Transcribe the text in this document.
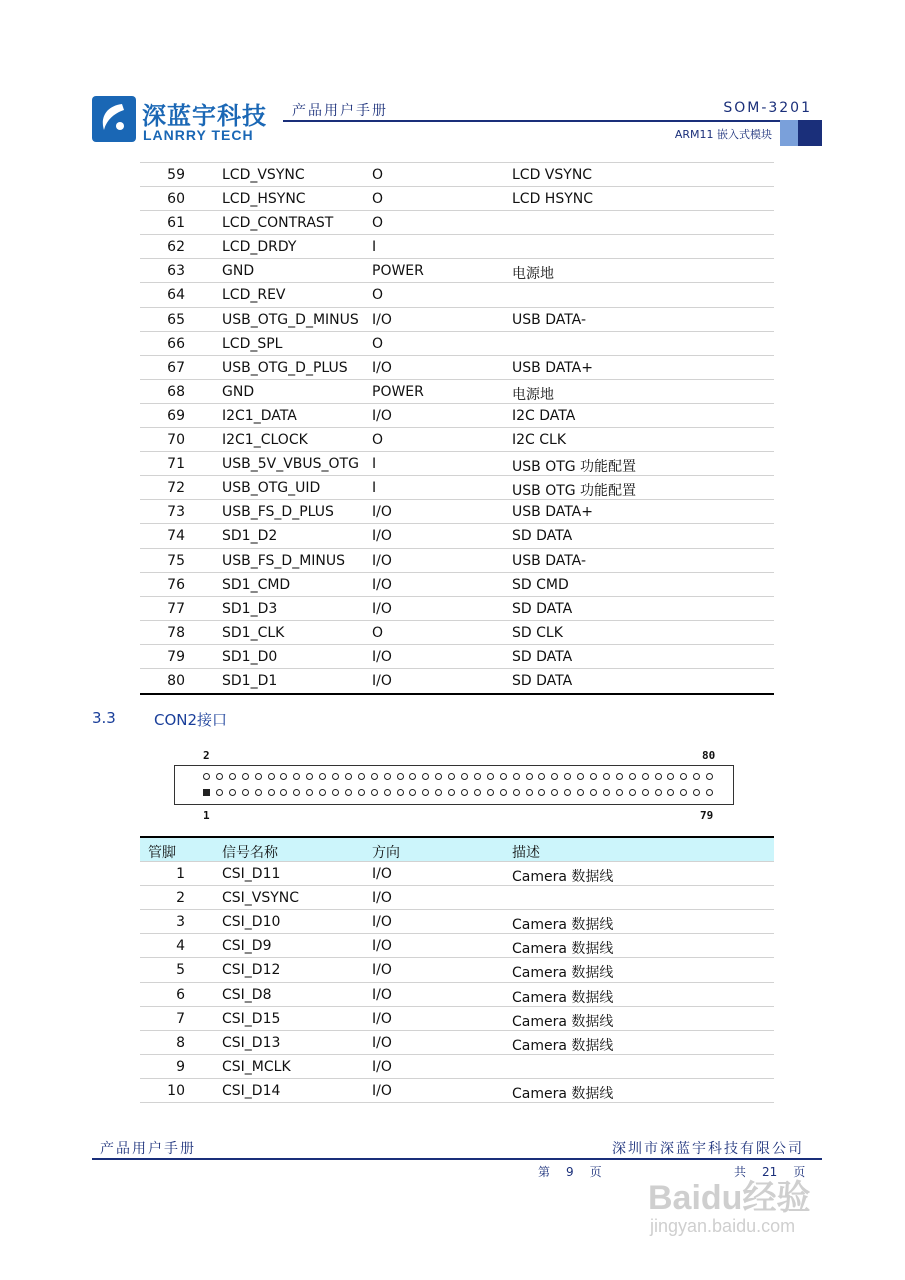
深蓝宇科技
LANRRY TECH
产品用户手册	SOM-3201
ARM11 嵌入式模块
59	LCD_VSYNC	O	LCD VSYNC
60	LCD_HSYNC	O	LCD HSYNC
61	LCD_CONTRAST	O
62	LCD_DRDY	I
63	GND	POWER	电源地
64	LCD_REV	O
65	USB_OTG_D_MINUS I/O	USB DATA-
66	LCD_SPL	O
67	USB_OTG_D_PLUS I/O	USB DATA+
68	GND	POWER	电源地
69	I2C1_DATA	I/O	I2C DATA
70	I2C1_CLOCK	O	I2C CLK
71	USB_5V_VBUS_OTG I	USB OTG 功能配置
72	USB_OTG_UID	I	USB OTG 功能配置
73	USB_FS_D_PLUS	I/O	USB DATA+
74	SD1_D2	I/O	SD DATA
75	USB_FS_D_MINUS I/O	USB DATA-
76	SD1_CMD	I/O	SD CMD
77	SD1_D3	I/O	SD DATA
78	SD1_CLK	O	SD CLK
79	SD1_D0	I/O	SD DATA
80	SD1_D1	I/O	SD DATA
3.3	CON2接口
2	80
1	79
管脚	信号名称	方向	描述
1	CSI_D11	I/O	Camera 数据线
2	CSI_VSYNC	I/O
3	CSI_D10	I/O	Camera 数据线
4	CSI_D9	I/O	Camera 数据线
5	CSI_D12	I/O	Camera 数据线
6	CSI_D8	I/O	Camera 数据线
7	CSI_D15	I/O	Camera 数据线
8	CSI_D13	I/O	Camera 数据线
9	CSI_MCLK	I/O
10	CSI_D14	I/O	Camera 数据线
产品用户手册	深圳市深蓝宇科技有限公司
第 9 页	共 21 页
Baidu经验
jingyan.baidu.com
